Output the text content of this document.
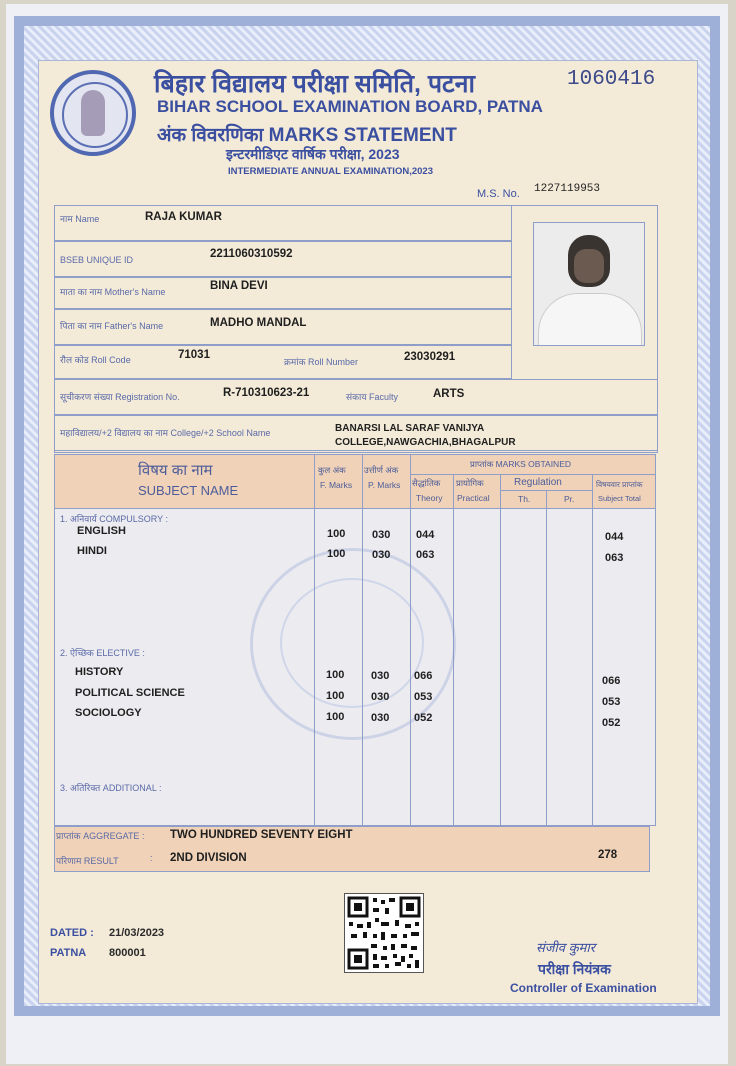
बिहार विद्यालय परीक्षा समिति, पटना	1060416
BIHAR SCHOOL EXAMINATION BOARD, PATNA
अंक विवरणिका MARKS STATEMENT
इन्टरमीडिएट वार्षिक परीक्षा, 2023
INTERMEDIATE ANNUAL EXAMINATION,2023
M.S. No. 1227119953
नाम Name	RAJA KUMAR
BSEB UNIQUE ID	2211060310592
माता का नाम Mother's Name	BINA DEVI
पिता का नाम Father's Name	MADHO MANDAL
रौल कोड Roll Code	71031
क्रमांक Roll Number	23030291
सूचीकरण संख्या Registration No.	R-710310623-21	संकाय Faculty	ARTS
महाविद्यालय/+2 विद्यालय का नाम College/+2 School Name	BANARSI LAL SARAF VANIJYA
COLLEGE,NAWGACHIA,BHAGALPUR
विषय का नाम
SUBJECT NAME
कुल अंक
F. Marks
उत्तीर्ण अंक
P. Marks
प्राप्तांक MARKS OBTAINED
सैद्धांतिक
Theory
प्रायोगिक
Practical
Regulation
Th.	Pr.
विषयवार प्राप्तांक
Subject Total
1. अनिवार्य COMPULSORY :
ENGLISH	100 030 044	044
HINDI	100 030 063	063
2. ऐच्छिक ELECTIVE :
HISTORY	100 030 066	066
POLITICAL SCIENCE	100 030 053	053
SOCIOLOGY	100 030 052	052
3. अतिरिक्त ADDITIONAL :
प्राप्तांक AGGREGATE : TWO HUNDRED SEVENTY EIGHT
278
परिणाम RESULT	: 2ND DIVISION
DATED : 21/03/2023
PATNA 800001	संजीव कुमार
परीक्षा नियंत्रक
Controller of Examination
